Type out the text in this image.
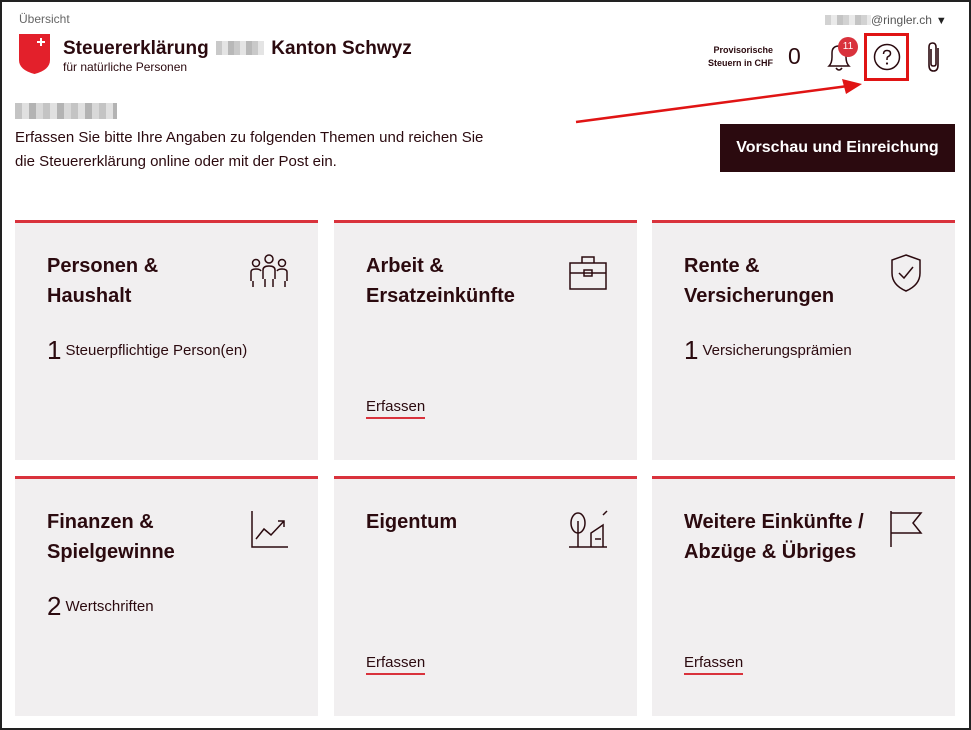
Übersicht
Steuererklärung	Kanton Schwyz
für natürliche Personen
@ringler.ch ▼
Provisorische
Steuern in CHF 0	11
Erfassen Sie bitte Ihre Angaben zu folgenden Themen und reichen Sie die Steuererklärung online oder mit der Post ein.
Vorschau und Einreichung
Personen & Haushalt
1 Steuerpflichtige Person(en)
Arbeit & Ersatzeinkünfte
Erfassen
Rente & Versicherungen
1 Versicherungsprämien
Finanzen & Spielgewinne
2 Wertschriften
Eigentum
Erfassen
Weitere Einkünfte / Abzüge & Übriges
Erfassen
